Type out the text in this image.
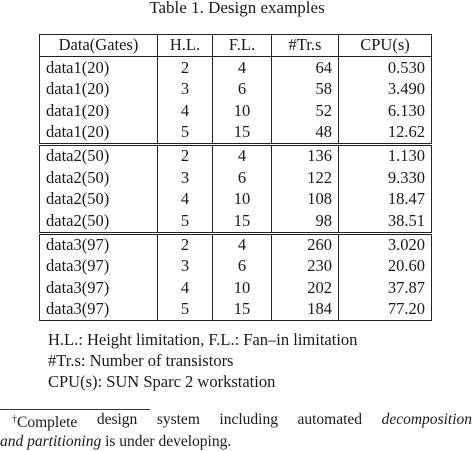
Table 1. Design examples
Data(Gates)	H.L.	F.L.	#Tr.s	CPU(s)
data1(20)	2	4	64	0.530
data1(20)	3	6	58	3.490
data1(20)	4	10	52	6.130
data1(20)	5	15	48	12.62
data2(50)	2	4	136	1.130
data2(50)	3	6	122	9.330
data2(50)	4	10	108	18.47
data2(50)	5	15	98	38.51
data3(97)	2	4	260	3.020
data3(97)	3	6	230	20.60
data3(97)	4	10	202	37.87
data3(97)	5	15	184	77.20
H.L.: Height limitation, F.L.: Fan–in limitation
#Tr.s: Number of transistors
CPU(s): SUN Sparc 2 workstation
†Complete design system including automated decomposition
and partitioning is under developing.
